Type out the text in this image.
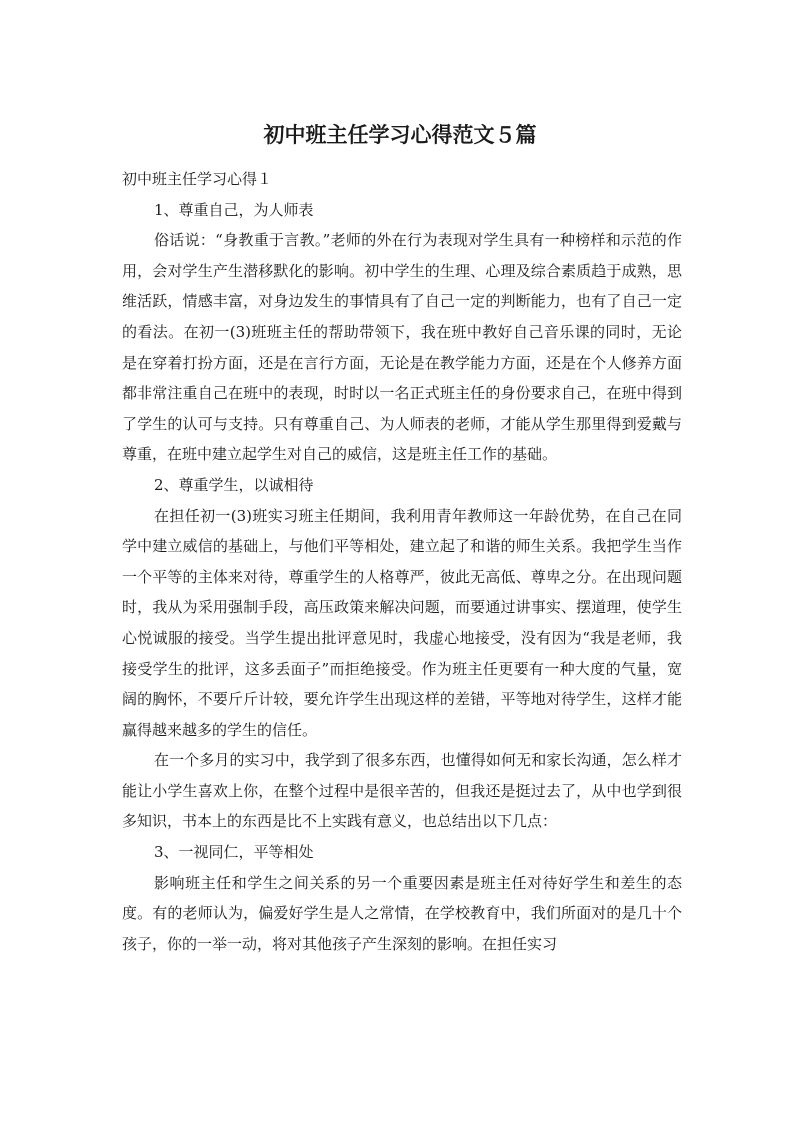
初中班主任学习心得范文５篇

初中班主任学习心得１

1、尊重自己，为人师表

俗话说：“身教重于言教。”老师的外在行为表现对学生具有一种榜样和示范的作用，会对学生产生潜移默化的影响。初中学生的生理、心理及综合素质趋于成熟，思维活跃，情感丰富，对身边发生的事情具有了自己一定的判断能力，也有了自己一定的看法。在初一(3)班班主任的帮助带领下，我在班中教好自己音乐课的同时，无论是在穿着打扮方面，还是在言行方面，无论是在教学能力方面，还是在个人修养方面都非常注重自己在班中的表现，时时以一名正式班主任的身份要求自己，在班中得到了学生的认可与支持。只有尊重自己、为人师表的老师，才能从学生那里得到爱戴与尊重，在班中建立起学生对自己的威信，这是班主任工作的基础。

2、尊重学生，以诚相待

在担任初一(3)班实习班主任期间，我利用青年教师这一年龄优势，在自己在同学中建立威信的基础上，与他们平等相处，建立起了和谐的师生关系。我把学生当作一个平等的主体来对待，尊重学生的人格尊严，彼此无高低、尊卑之分。在出现问题时，我从为采用强制手段，高压政策来解决问题，而要通过讲事实、摆道理，使学生心悦诚服的接受。当学生提出批评意见时，我虚心地接受，没有因为“我是老师，我接受学生的批评，这多丢面子”而拒绝接受。作为班主任更要有一种大度的气量，宽阔的胸怀，不要斤斤计较，要允许学生出现这样的差错，平等地对待学生，这样才能赢得越来越多的学生的信任。

在一个多月的实习中，我学到了很多东西，也懂得如何无和家长沟通，怎么样才能让小学生喜欢上你，在整个过程中是很辛苦的，但我还是挺过去了，从中也学到很多知识，书本上的东西是比不上实践有意义，也总结出以下几点：

3、一视同仁，平等相处

影响班主任和学生之间关系的另一个重要因素是班主任对待好学生和差生的态度。有的老师认为，偏爱好学生是人之常情，在学校教育中，我们所面对的是几十个孩子，你的一举一动，将对其他孩子产生深刻的影响。在担任实习
